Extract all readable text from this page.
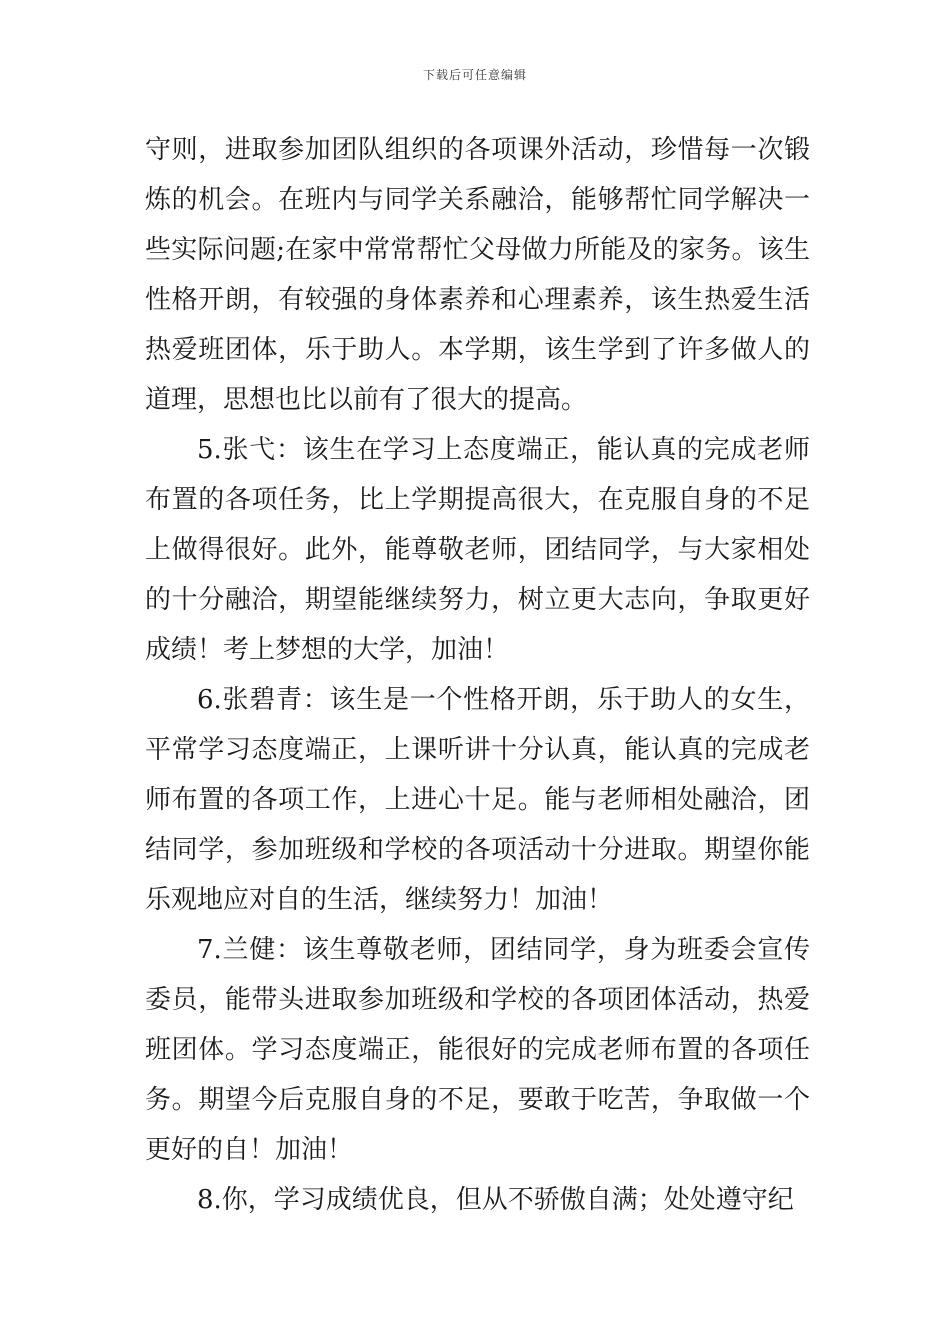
下载后可任意编辑

守则，进取参加团队组织的各项课外活动，珍惜每一次锻炼的机会。在班内与同学关系融洽，能够帮忙同学解决一些实际问题;在家中常常帮忙父母做力所能及的家务。该生性格开朗，有较强的身体素养和心理素养，该生热爱生活热爱班团体，乐于助人。本学期，该生学到了许多做人的道理，思想也比以前有了很大的提高。

5.张弋：该生在学习上态度端正，能认真的完成老师布置的各项任务，比上学期提高很大，在克服自身的不足上做得很好。此外，能尊敬老师，团结同学，与大家相处的十分融洽，期望能继续努力，树立更大志向，争取更好成绩！考上梦想的大学，加油！

6.张碧青：该生是一个性格开朗，乐于助人的女生，平常学习态度端正，上课听讲十分认真，能认真的完成老师布置的各项工作，上进心十足。能与老师相处融洽，团结同学，参加班级和学校的各项活动十分进取。期望你能乐观地应对自的生活，继续努力！加油！

7.兰健：该生尊敬老师，团结同学，身为班委会宣传委员，能带头进取参加班级和学校的各项团体活动，热爱班团体。学习态度端正，能很好的完成老师布置的各项任务。期望今后克服自身的不足，要敢于吃苦，争取做一个更好的自！加油！

8.你，学习成绩优良，但从不骄傲自满；处处遵守纪
